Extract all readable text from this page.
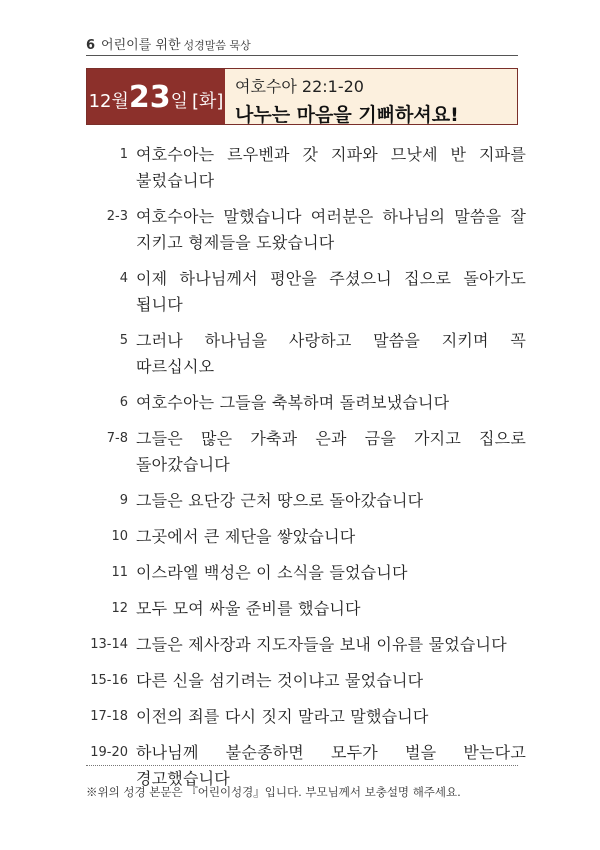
6 어린이를 위한 성경말씀 묵상
12월 23 일 [화]
여호수아 22:1-20
나누는 마음을 기뻐하셔요!
1 여호수아는 르우벤과 갓 지파와 므낫세 반 지파를 불렀습니다
2-3 여호수아는 말했습니다 여러분은 하나님의 말씀을 잘 지키고 형제들을 도왔습니다
4 이제 하나님께서 평안을 주셨으니 집으로 돌아가도 됩니다
5 그러나 하나님을 사랑하고 말씀을 지키며 꼭 따르십시오
6 여호수아는 그들을 축복하며 돌려보냈습니다
7-8 그들은 많은 가축과 은과 금을 가지고 집으로 돌아갔습니다
9 그들은 요단강 근처 땅으로 돌아갔습니다
10 그곳에서 큰 제단을 쌓았습니다
11 이스라엘 백성은 이 소식을 들었습니다
12 모두 모여 싸울 준비를 했습니다
13-14 그들은 제사장과 지도자들을 보내 이유를 물었습니다
15-16 다른 신을 섬기려는 것이냐고 물었습니다
17-18 이전의 죄를 다시 짓지 말라고 말했습니다
19-20 하나님께 불순종하면 모두가 벌을 받는다고 경고했습니다
※위의 성경 본문은 『어린이성경』입니다. 부모님께서 보충설명 해주세요.
